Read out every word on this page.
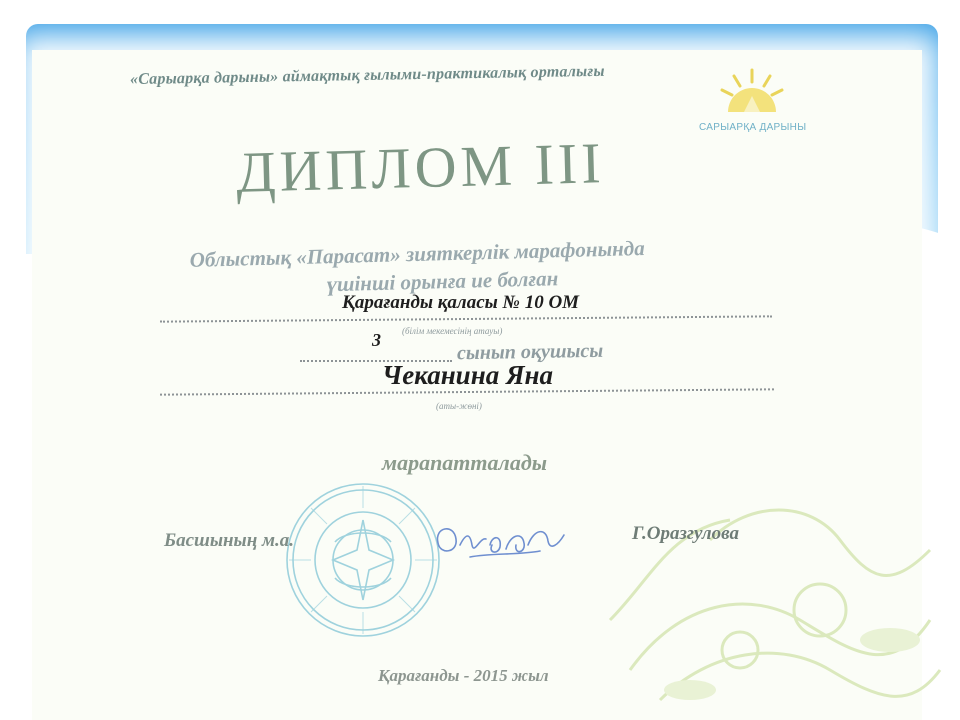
«Сарыарқа дарыны» аймақтық ғылыми-практикалық орталығы
САРЫАРҚА ДАРЫНЫ
ДИПЛОМ III
Облыстық «Парасат» зияткерлік марафонында
үшінші орынға ие болған
Қарағанды қаласы № 10 ОМ
(білім мекемесінің атауы)
3	сынып оқушысы
Чеканина Яна
(аты-жөні)
марапатталады
Басшының м.а.	Г.Оразгулова
Қарағанды - 2015 жыл
